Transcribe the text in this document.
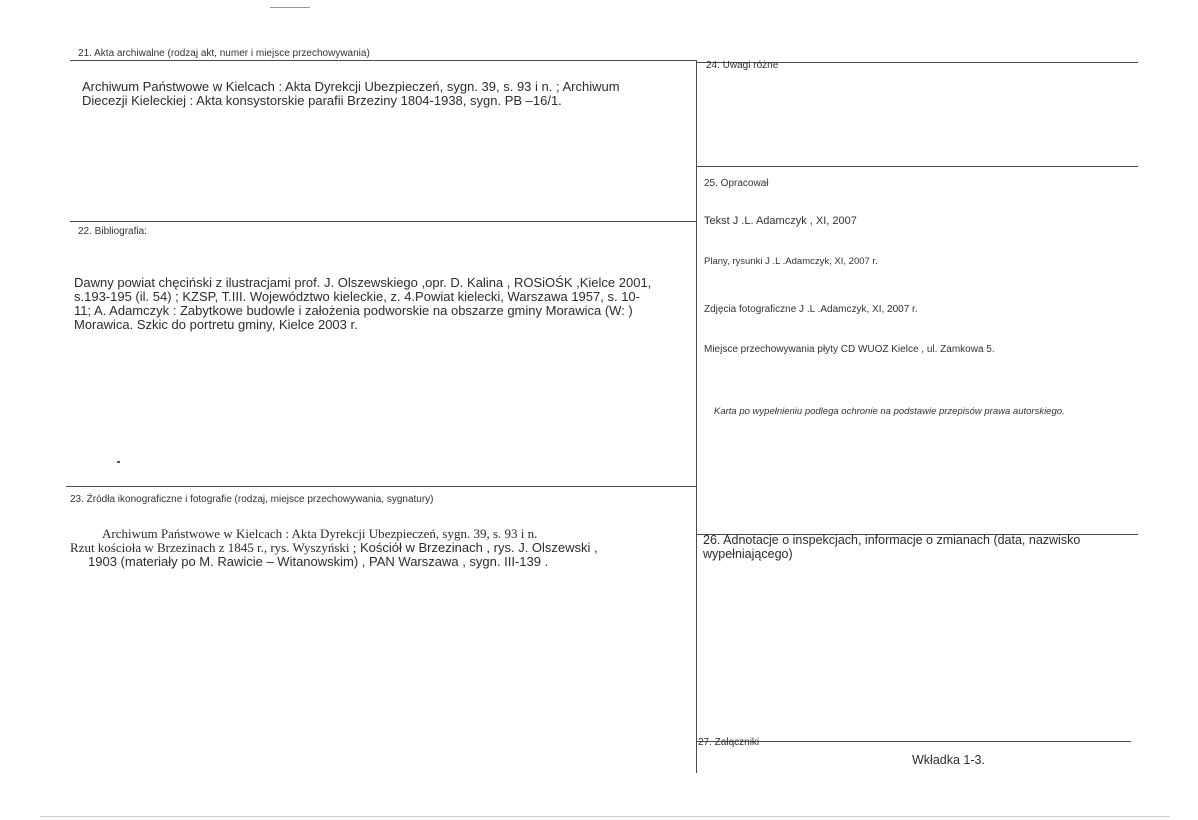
21. Akta archiwalne (rodzaj akt, numer i miejsce przechowywania)
Archiwum Państwowe w Kielcach : Akta Dyrekcji Ubezpieczeń, sygn. 39, s. 93 i n. ; Archiwum
Diecezji Kieleckiej : Akta konsystorskie parafii Brzeziny 1804-1938, sygn. PB –16/1.
22. Bibliografia:
Dawny powiat chęciński z ilustracjami prof. J. Olszewskiego ,opr. D. Kalina , ROSiOŚK ,Kielce 2001,
s.193-195 (il. 54) ; KZSP, T.III. Województwo kieleckie, z. 4.Powiat kielecki, Warszawa 1957, s. 10-
11; A. Adamczyk : Zabytkowe budowle i założenia podworskie na obszarze gminy Morawica (W: )
Morawica. Szkic do portretu gminy, Kielce 2003 r.
23. Źródła ikonograficzne i fotografie (rodzaj, miejsce przechowywania, sygnatury)
Archiwum Państwowe w Kielcach : Akta Dyrekcji Ubezpieczeń, sygn. 39, s. 93 i n.
Rzut kościoła w Brzezinach z 1845 r., rys. Wyszyński ; Kościół w Brzezinach , rys. J. Olszewski ,
1903 (materiały po M. Rawicie – Witanowskim) , PAN Warszawa , sygn. III-139 .
24. Uwagi różne
25. Opracował
Tekst J .L. Adamczyk , XI, 2007
Plany, rysunki J .L .Adamczyk, XI, 2007 r.
Zdjęcia fotograficzne J .L .Adamczyk, XI, 2007 r.
Miejsce przechowywania płyty CD WUOZ Kielce , ul. Zamkowa 5.
Karta po wypełnieniu podlega ochronie na podstawie przepisów prawa autorskiego.
26. Adnotacje o inspekcjach, informacje o zmianach (data, nazwisko
wypełniającego)
27. Załączniki
Wkładka 1-3.
